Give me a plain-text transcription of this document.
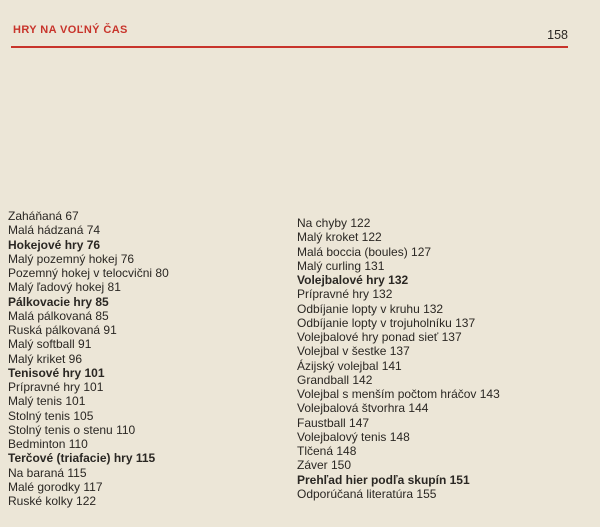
HRY NA VOĽNÝ ČAS	158
Zaháňaná 67
Malá hádzaná 74
Hokejové hry 76
Malý pozemný hokej 76
Pozemný hokej v telocvični 80
Malý ľadový hokej 81
Pálkovacie hry 85
Malá pálkovaná 85
Ruská pálkovaná 91
Malý softball 91
Malý kriket 96
Tenisové hry 101
Prípravné hry 101
Malý tenis 101
Stolný tenis 105
Stolný tenis o stenu 110
Bedminton 110
Terčové (triafacie) hry 115
Na baraná 115
Malé gorodky 117
Ruské kolky 122
Na chyby 122
Malý kroket 122
Malá boccia (boules) 127
Malý curling 131
Volejbalové hry 132
Prípravné hry 132
Odbíjanie lopty v kruhu 132
Odbíjanie lopty v trojuholníku 137
Volejbalové hry ponad sieť 137
Volejbal v šestke 137
Ázijský volejbal 141
Grandball 142
Volejbal s menším počtom hráčov 143
Volejbalová štvorhra 144
Faustball 147
Volejbalový tenis 148
Tlčená 148
Záver 150
Prehľad hier podľa skupín 151
Odporúčaná literatúra 155
